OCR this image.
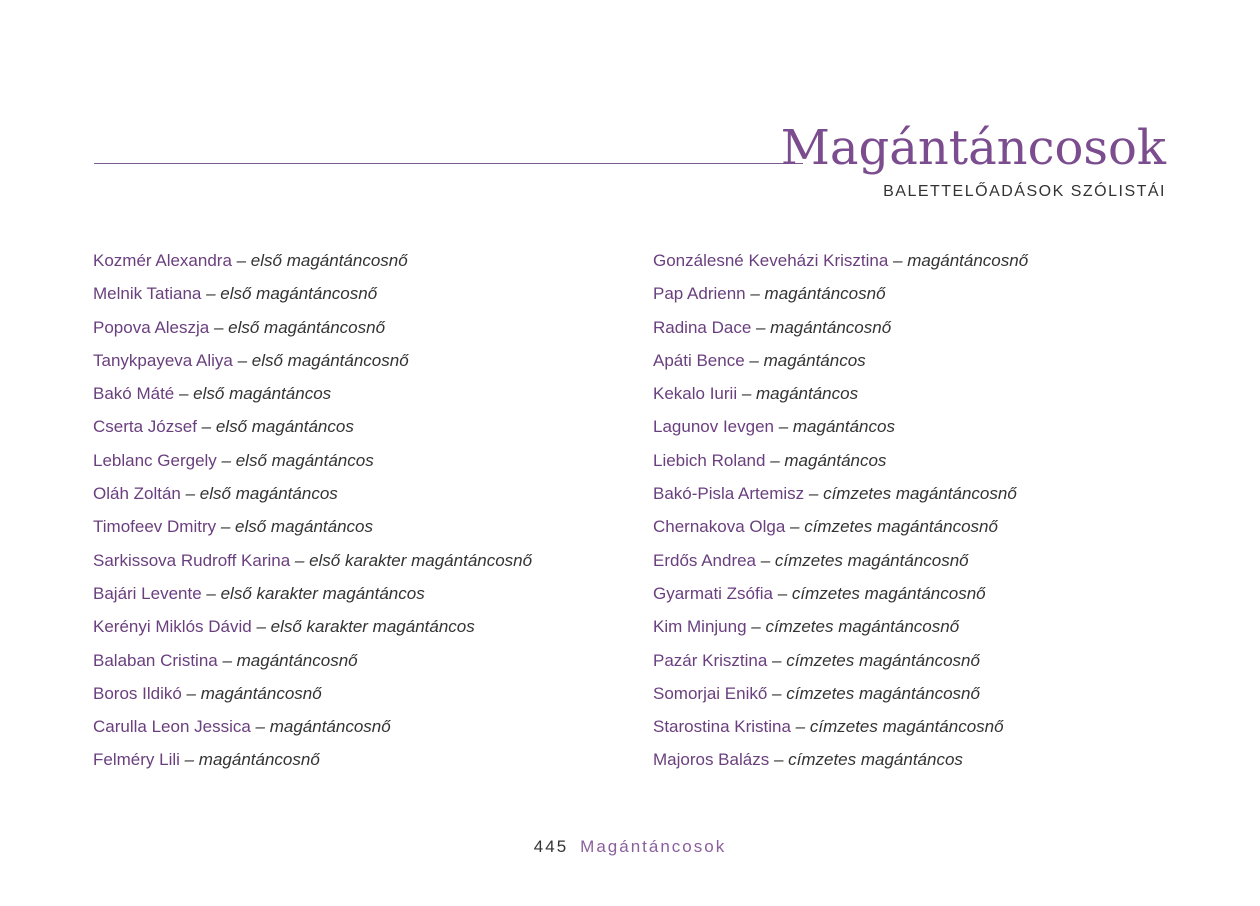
Magántáncosok
BALETTELŐADÁSOK SZÓLISTÁI
Kozmér Alexandra – első magántáncosnő
Melnik Tatiana – első magántáncosnő
Popova Aleszja – első magántáncosnő
Tanykpayeva Aliya – első magántáncosnő
Bakó Máté – első magántáncos
Cserta József – első magántáncos
Leblanc Gergely – első magántáncos
Oláh Zoltán – első magántáncos
Timofeev Dmitry – első magántáncos
Sarkissova Rudroff Karina – első karakter magántáncosnő
Bajári Levente – első karakter magántáncos
Kerényi Miklós Dávid – első karakter magántáncos
Balaban Cristina – magántáncosnő
Boros Ildikó – magántáncosnő
Carulla Leon Jessica – magántáncosnő
Felméry Lili – magántáncosnő
Gonzálesné Keveházi Krisztina – magántáncosnő
Pap Adrienn – magántáncosnő
Radina Dace – magántáncosnő
Apáti Bence – magántáncos
Kekalo Iurii – magántáncos
Lagunov Ievgen – magántáncos
Liebich Roland – magántáncos
Bakó-Pisla Artemisz – címzetes magántáncosnő
Chernakova Olga – címzetes magántáncosnő
Erdős Andrea – címzetes magántáncosnő
Gyarmati Zsófia – címzetes magántáncosnő
Kim Minjung – címzetes magántáncosnő
Pazár Krisztina – címzetes magántáncosnő
Somorjai Enikő – címzetes magántáncosnő
Starostina Kristina – címzetes magántáncosnő
Majoros Balázs – címzetes magántáncos
445 Magántáncosok
